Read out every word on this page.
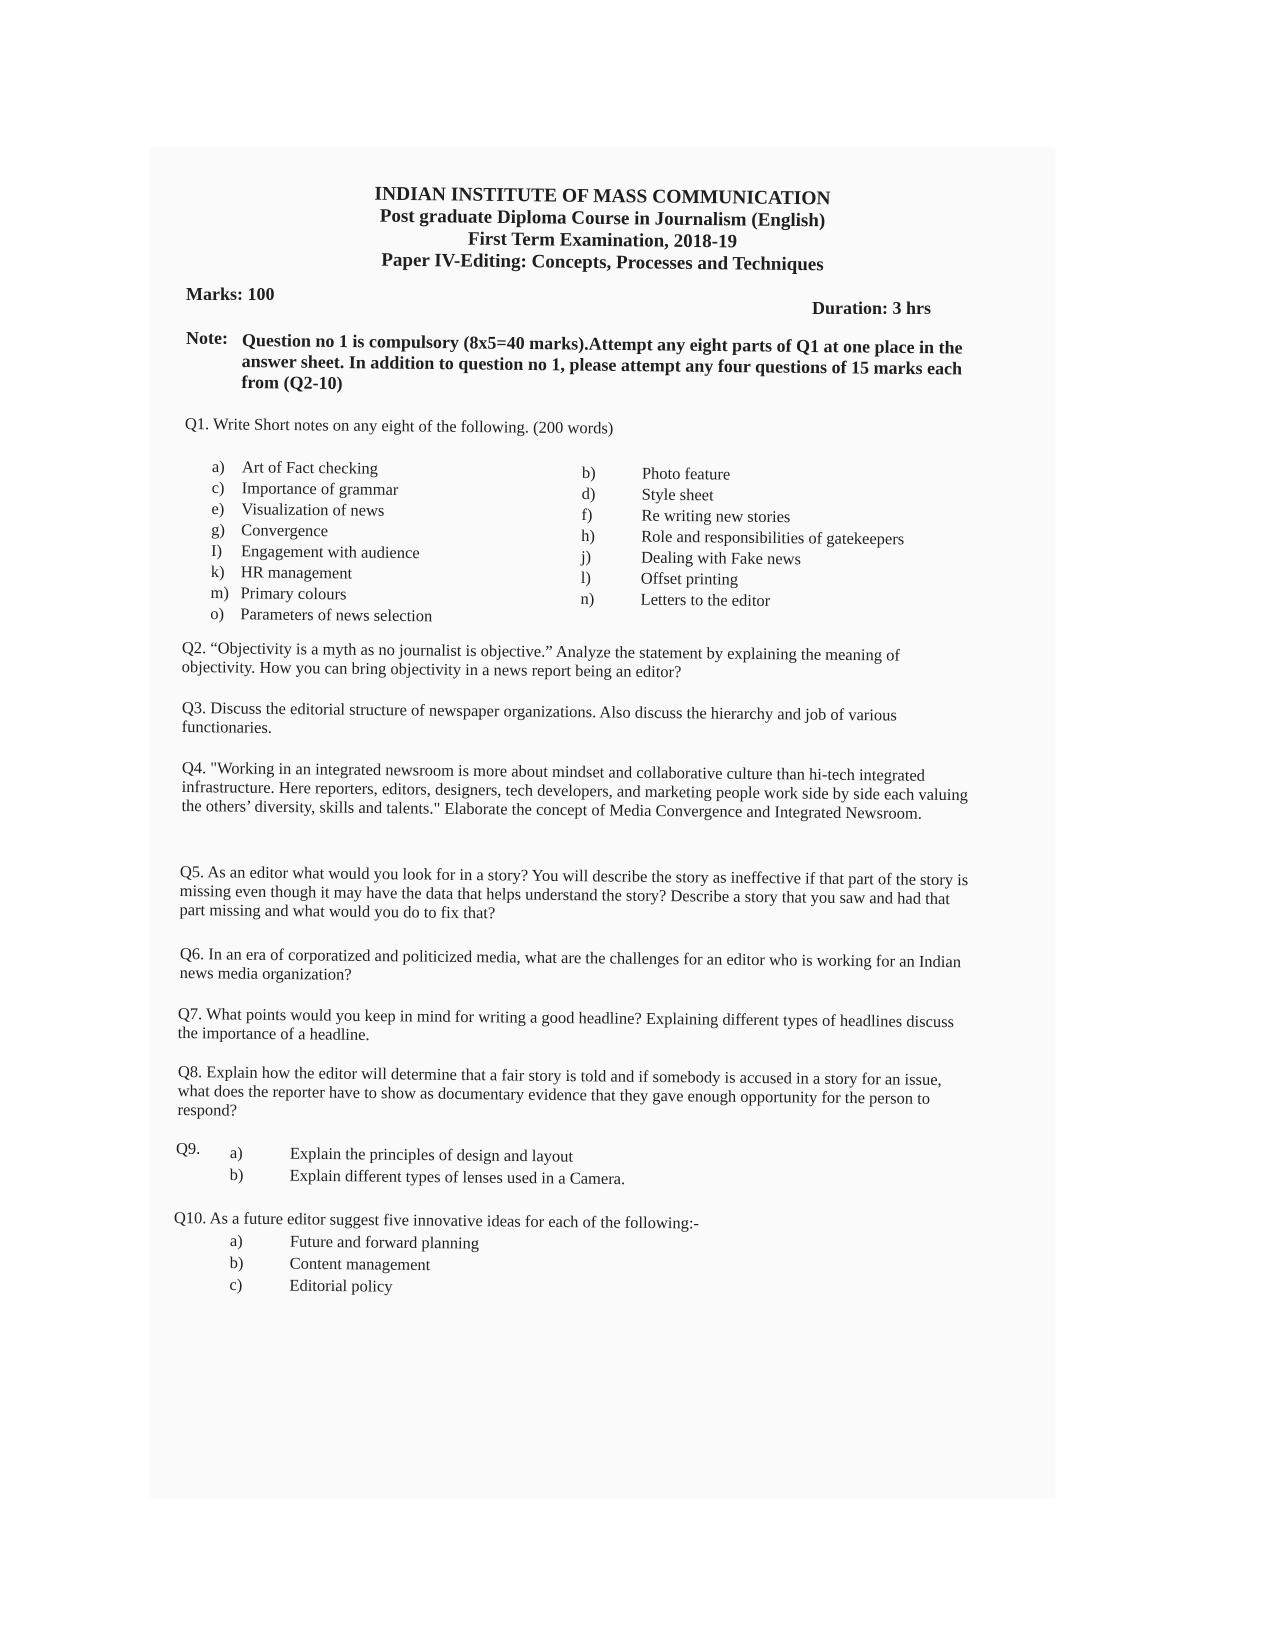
INDIAN INSTITUTE OF MASS COMMUNICATION
Post graduate Diploma Course in Journalism (English)
First Term Examination, 2018-19
Paper IV-Editing: Concepts, Processes and Techniques
Marks: 100
Duration: 3 hrs
Note: Question no 1 is compulsory (8x5=40 marks).Attempt any eight parts of Q1 at one place in the answer sheet. In addition to question no 1, please attempt any four questions of 15 marks each from (Q2-10)
Q1. Write Short notes on any eight of the following. (200 words)
a) Art of Fact checking
c) Importance of grammar
e) Visualization of news
g) Convergence
I) Engagement with audience
k) HR management
m) Primary colours
o) Parameters of news selection
b)	Photo feature
d)	Style sheet
f)	Re writing new stories
h)	Role and responsibilities of gatekeepers
j)	Dealing with Fake news
l)	Offset printing
n)	Letters to the editor
Q2. “Objectivity is a myth as no journalist is objective.” Analyze the statement by explaining the meaning of objectivity. How you can bring objectivity in a news report being an editor?
Q3. Discuss the editorial structure of newspaper organizations. Also discuss the hierarchy and job of various functionaries.
Q4. "Working in an integrated newsroom is more about mindset and collaborative culture than hi-tech integrated infrastructure. Here reporters, editors, designers, tech developers, and marketing people work side by side each valuing the others’ diversity, skills and talents." Elaborate the concept of Media Convergence and Integrated Newsroom.
Q5. As an editor what would you look for in a story? You will describe the story as ineffective if that part of the story is missing even though it may have the data that helps understand the story? Describe a story that you saw and had that part missing and what would you do to fix that?
Q6. In an era of corporatized and politicized media, what are the challenges for an editor who is working for an Indian news media organization?
Q7. What points would you keep in mind for writing a good headline? Explaining different types of headlines discuss the importance of a headline.
Q8. Explain how the editor will determine that a fair story is told and if somebody is accused in a story for an issue, what does the reporter have to show as documentary evidence that they gave enough opportunity for the person to respond?
Q9. a)	Explain the principles of design and layout
b)	Explain different types of lenses used in a Camera.
Q10. As a future editor suggest five innovative ideas for each of the following:-
a)	Future and forward planning
b)	Content management
c)	Editorial policy
